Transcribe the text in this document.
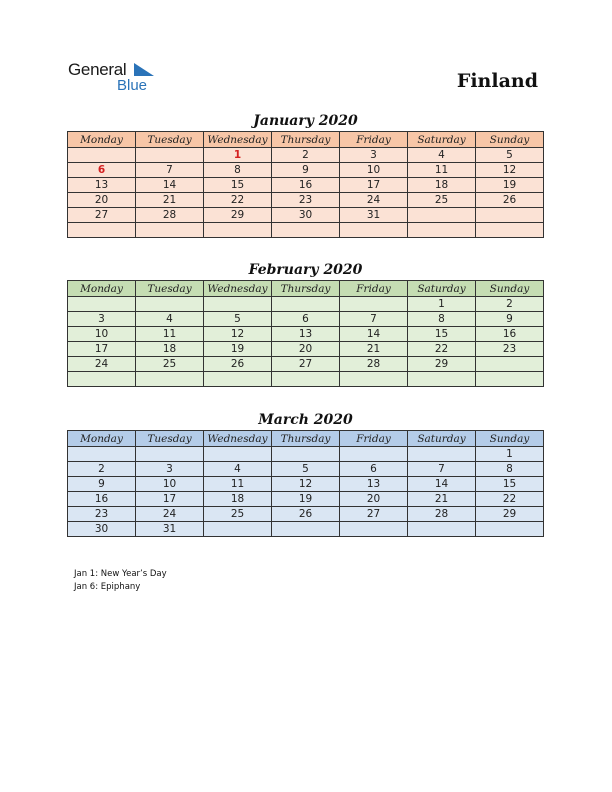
General
Blue	Finland
January 2020
Monday	Tuesday	Wednesday	Thursday	Friday	Saturday	Sunday
		1	2	3	4	5
6	7	8	9	10	11	12
13	14	15	16	17	18	19
20	21	22	23	24	25	26
27	28	29	30	31		

February 2020
Monday	Tuesday	Wednesday	Thursday	Friday	Saturday	Sunday
					1	2
3	4	5	6	7	8	9
10	11	12	13	14	15	16
17	18	19	20	21	22	23
24	25	26	27	28	29	

March 2020
Monday	Tuesday	Wednesday	Thursday	Friday	Saturday	Sunday
						1
2	3	4	5	6	7	8
9	10	11	12	13	14	15
16	17	18	19	20	21	22
23	24	25	26	27	28	29
30	31					
Jan 1: New Year’s Day
Jan 6: Epiphany
